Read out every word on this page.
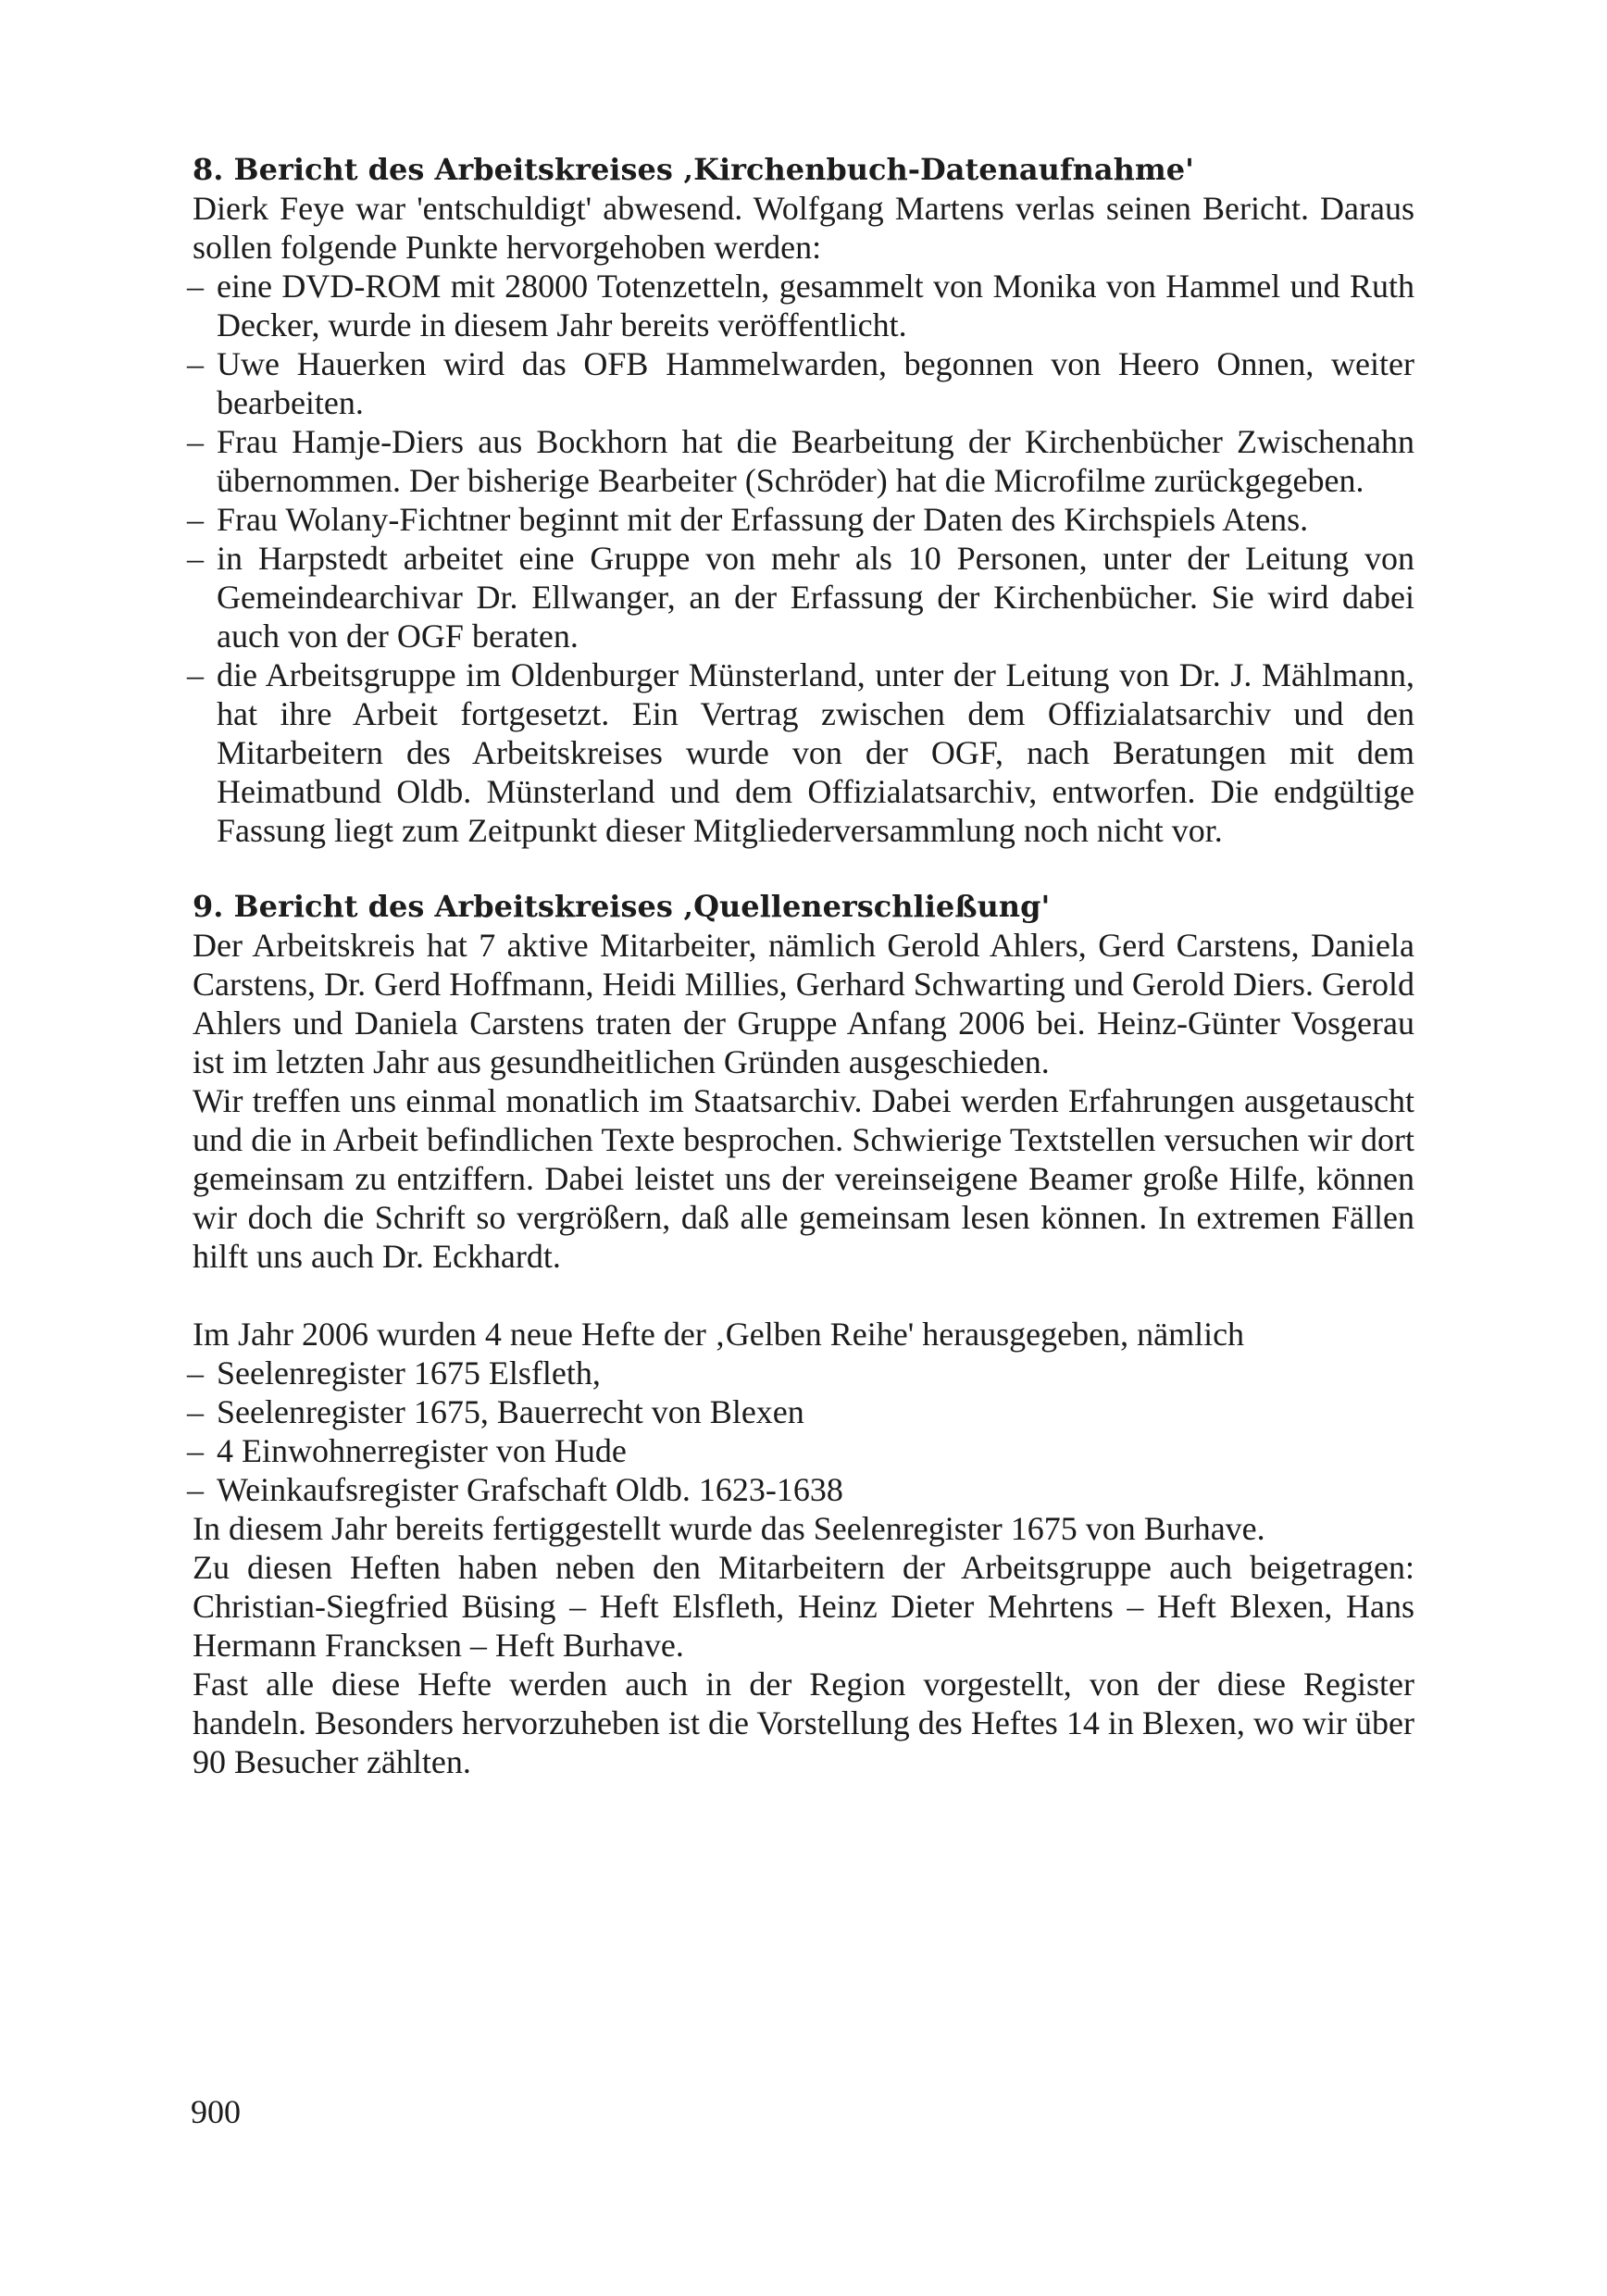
8. Bericht des Arbeitskreises ‚Kirchenbuch-Datenaufnahme'

Dierk Feye war 'entschuldigt' abwesend. Wolfgang Martens verlas seinen Bericht. Daraus sollen folgende Punkte hervorgehoben werden:

– eine DVD-ROM mit 28000 Totenzetteln, gesammelt von Monika von Hammel und Ruth Decker, wurde in diesem Jahr bereits veröffentlicht.
– Uwe Hauerken wird das OFB Hammelwarden, begonnen von Heero Onnen, weiter bearbeiten.
– Frau Hamje-Diers aus Bockhorn hat die Bearbeitung der Kirchenbücher Zwischenahn übernommen. Der bisherige Bearbeiter (Schröder) hat die Microfilme zurückgegeben.
– Frau Wolany-Fichtner beginnt mit der Erfassung der Daten des Kirchspiels Atens.
– in Harpstedt arbeitet eine Gruppe von mehr als 10 Personen, unter der Leitung von Gemeindearchivar Dr. Ellwanger, an der Erfassung der Kirchenbücher. Sie wird dabei auch von der OGF beraten.
– die Arbeitsgruppe im Oldenburger Münsterland, unter der Leitung von Dr. J. Mählmann, hat ihre Arbeit fortgesetzt. Ein Vertrag zwischen dem Offizialatsarchiv und den Mitarbeitern des Arbeitskreises wurde von der OGF, nach Beratungen mit dem Heimatbund Oldb. Münsterland und dem Offizialatsarchiv, entworfen. Die endgültige Fassung liegt zum Zeitpunkt dieser Mitgliederversammlung noch nicht vor.
9. Bericht des Arbeitskreises ‚Quellenerschließung'

Der Arbeitskreis hat 7 aktive Mitarbeiter, nämlich Gerold Ahlers, Gerd Carstens, Daniela Carstens, Dr. Gerd Hoffmann, Heidi Millies, Gerhard Schwarting und Gerold Diers. Gerold Ahlers und Daniela Carstens traten der Gruppe Anfang 2006 bei. Heinz-Günter Vosgerau ist im letzten Jahr aus gesundheitlichen Gründen ausgeschieden.

Wir treffen uns einmal monatlich im Staatsarchiv. Dabei werden Erfahrungen ausgetauscht und die in Arbeit befindlichen Texte besprochen. Schwierige Textstellen versuchen wir dort gemeinsam zu entziffern. Dabei leistet uns der vereinseigene Beamer große Hilfe, können wir doch die Schrift so vergrößern, daß alle gemeinsam lesen können. In extremen Fällen hilft uns auch Dr. Eckhardt.

Im Jahr 2006 wurden 4 neue Hefte der ‚Gelben Reihe' herausgegeben, nämlich

– Seelenregister 1675 Elsfleth,
– Seelenregister 1675, Bauerrecht von Blexen
– 4 Einwohnerregister von Hude
– Weinkaufsregister Grafschaft Oldb. 1623-1638

In diesem Jahr bereits fertiggestellt wurde das Seelenregister 1675 von Burhave.

Zu diesen Heften haben neben den Mitarbeitern der Arbeitsgruppe auch beigetragen: Christian-Siegfried Büsing – Heft Elsfleth, Heinz Dieter Mehrtens – Heft Blexen, Hans Hermann Francksen – Heft Burhave.

Fast alle diese Hefte werden auch in der Region vorgestellt, von der diese Register handeln. Besonders hervorzuheben ist die Vorstellung des Heftes 14 in Blexen, wo wir über 90 Besucher zählten.

900
